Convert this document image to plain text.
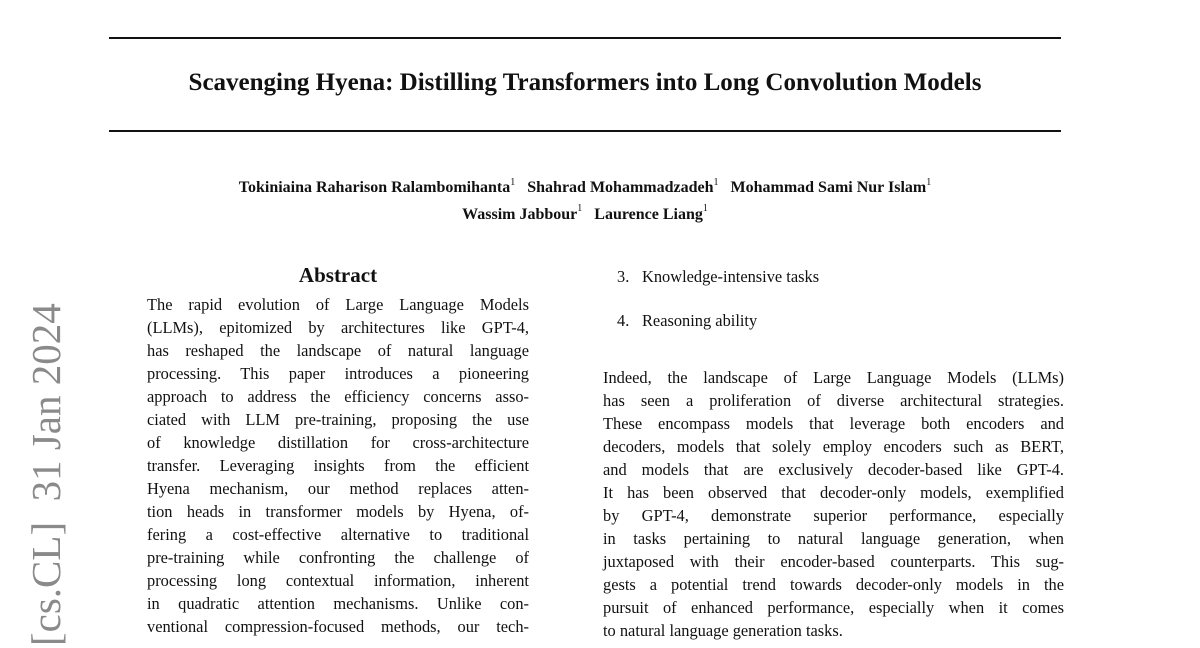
Scavenging Hyena: Distilling Transformers into Long Convolution Models
Tokiniaina Raharison Ralambomihanta$^1$ Shahrad Mohammadzadeh$^1$ Mohammad Sami Nur Islam$^1$
Wassim Jabbour$^1$ Laurence Liang$^1$
[cs.CL]  31 Jan 2024
Abstract
The rapid evolution of Large Language Models
(LLMs), epitomized by architectures like GPT-4,
has reshaped the landscape of natural language
processing. This paper introduces a pioneering
approach to address the efficiency concerns asso-
ciated with LLM pre-training, proposing the use
of knowledge distillation for cross-architecture
transfer. Leveraging insights from the efficient
Hyena mechanism, our method replaces atten-
tion heads in transformer models by Hyena, of-
fering a cost-effective alternative to traditional
pre-training while confronting the challenge of
processing long contextual information, inherent
in quadratic attention mechanisms. Unlike con-
ventional compression-focused methods, our tech-
3. Knowledge-intensive tasks
4. Reasoning ability
Indeed, the landscape of Large Language Models (LLMs)
has seen a proliferation of diverse architectural strategies.
These encompass models that leverage both encoders and
decoders, models that solely employ encoders such as BERT,
and models that are exclusively decoder-based like GPT-4.
It has been observed that decoder-only models, exemplified
by GPT-4, demonstrate superior performance, especially
in tasks pertaining to natural language generation, when
juxtaposed with their encoder-based counterparts. This sug-
gests a potential trend towards decoder-only models in the
pursuit of enhanced performance, especially when it comes
to natural language generation tasks.
